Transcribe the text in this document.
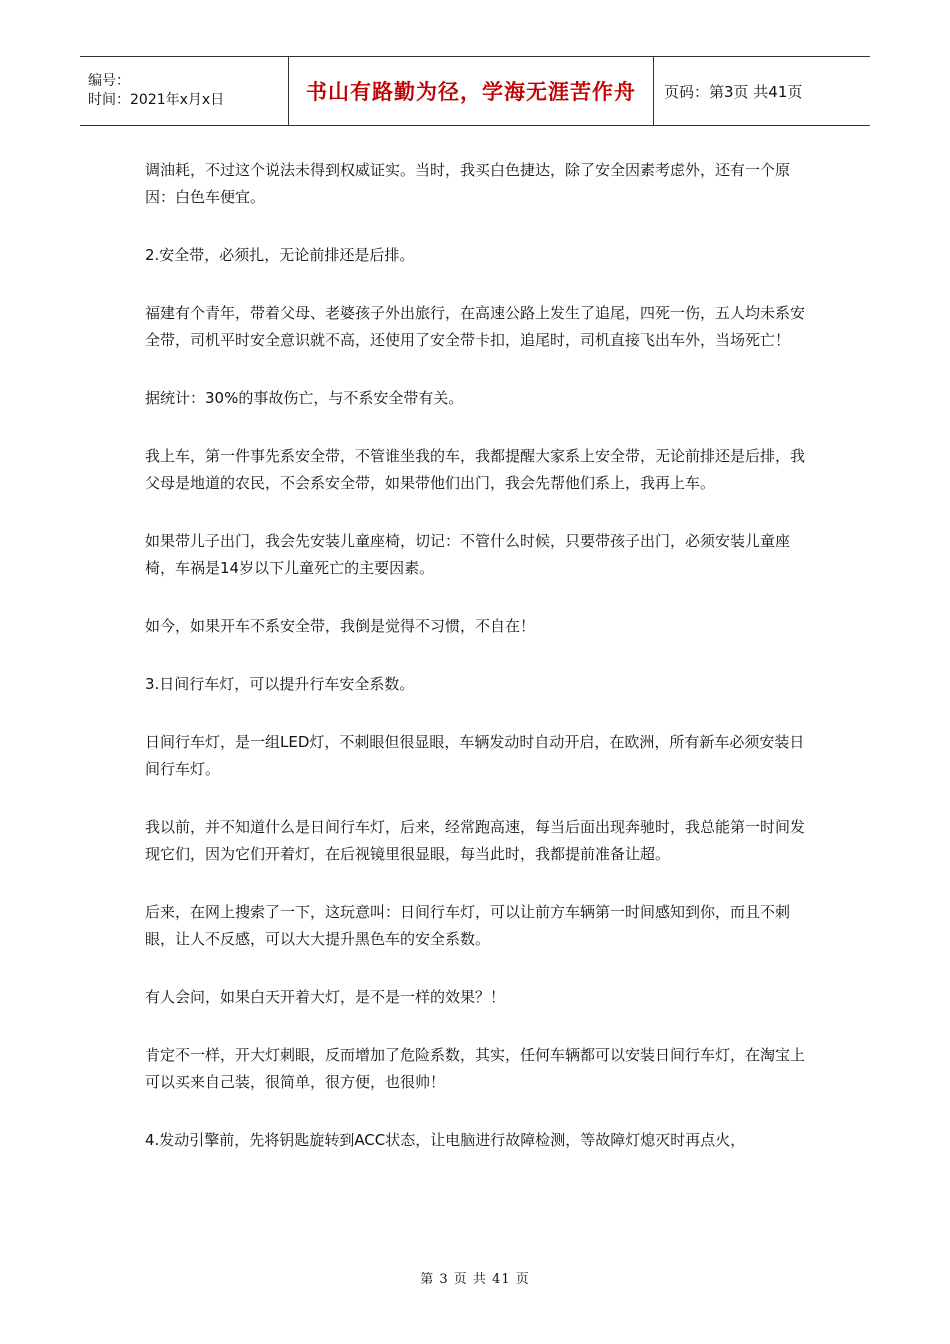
编号：
时间：2021年x月x日	书山有路勤为径，学海无涯苦作舟 页码：第3页 共41页

调油耗，不过这个说法未得到权威证实。当时，我买白色捷达，除了安全因素考虑外，还有一个原因：白色车便宜。

2.安全带，必须扎，无论前排还是后排。

福建有个青年，带着父母、老婆孩子外出旅行，在高速公路上发生了追尾，四死一伤，五人均未系安全带，司机平时安全意识就不高，还使用了安全带卡扣，追尾时，司机直接飞出车外，当场死亡！

据统计：30%的事故伤亡，与不系安全带有关。

我上车，第一件事先系安全带，不管谁坐我的车，我都提醒大家系上安全带，无论前排还是后排，我父母是地道的农民，不会系安全带，如果带他们出门，我会先帮他们系上，我再上车。

如果带儿子出门，我会先安装儿童座椅，切记：不管什么时候，只要带孩子出门，必须安装儿童座椅，车祸是14岁以下儿童死亡的主要因素。

如今，如果开车不系安全带，我倒是觉得不习惯，不自在！

3.日间行车灯，可以提升行车安全系数。

日间行车灯，是一组LED灯，不刺眼但很显眼，车辆发动时自动开启，在欧洲，所有新车必须安装日间行车灯。

我以前，并不知道什么是日间行车灯，后来，经常跑高速，每当后面出现奔驰时，我总能第一时间发现它们，因为它们开着灯，在后视镜里很显眼，每当此时，我都提前准备让超。

后来，在网上搜索了一下，这玩意叫：日间行车灯，可以让前方车辆第一时间感知到你，而且不刺眼，让人不反感，可以大大提升黑色车的安全系数。

有人会问，如果白天开着大灯，是不是一样的效果？！

肯定不一样，开大灯刺眼，反而增加了危险系数，其实，任何车辆都可以安装日间行车灯，在淘宝上可以买来自己装，很简单，很方便，也很帅！

4.发动引擎前，先将钥匙旋转到ACC状态，让电脑进行故障检测，等故障灯熄灭时再点火，

第 3 页 共 41 页
